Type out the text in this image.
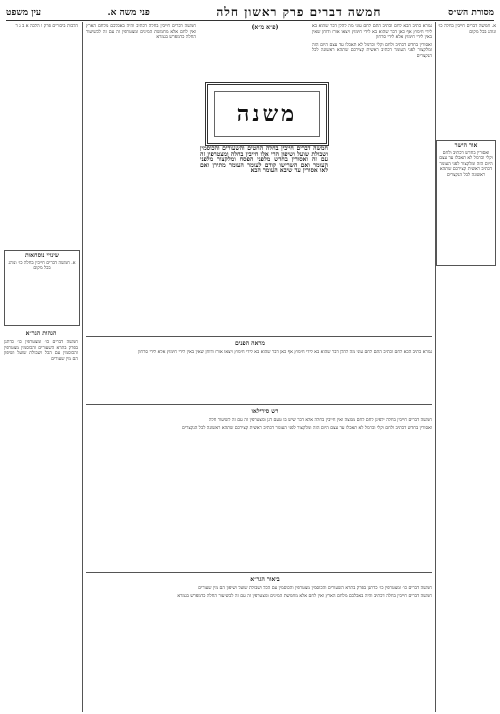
מסורת הש״ס
חמשה דברים פרק ראשון חלה
פני משה א.
עין משפט
משנה

א. חמשה דברים חייבין בחלה כו׳ ונוהג בכל מקום

אור הישר
ואסורין בחדש דכתיב ולחם וקלי וכרמל לא תאכלו עד עצם היום הזה ומלקצור לפני העומר דכתיב ראשית קצירכם שתהא ראשונה לכל הנקצרים

גמרא כתיב הכא לחם וכתיב התם לחם עוני מה להלן דבר שהוא בא לידי חימוץ אף כאן דבר שהוא בא לידי חימוץ ויצאו אורז ודוחן שאין באין לידי חימוץ אלא לידי סרחון

ואסורין בחדש דכתיב ולחם וקלי וכרמל לא תאכלו עד עצם היום הזה ומלקצור לפני העומר דכתיב ראשית קצירכם שתהא ראשונה לכל הנקצרים

(פ״א מ״א)

חמשה דברים חייבין בחלה החטים והשעורים והכוסמין ושבולת שועל ושיפון הרי אלו חייבין בחלה ומצטרפין זה עם זה ואסורין בחדש מלפני הפסח ומלקצור מלפני העומר ואם השרישו קודם לעומר העומר מתירן ואם לאו אסורין עד שיבא העומר הבא

חמשה דברים חייבין בחלה דכתיב והיה באכלכם מלחם הארץ ואין לחם אלא מחמשת המינים ומצטרפין זה עם זה לכשיעור החלה כדמפרש בגמרא

הלכות ביכורים פרק ו הלכה א ב ג ד

שינויי נוסחאות
א. חמשה דברים חייבין בחלה כו׳ ונוהג בכל מקום
הגהות הגר״א

חמשה דברים כו׳ ומצטרפין כו׳ כדתנן בפרק בתרא השעורים והכוסמין מצטרפין והכוסמין עם הכל ושבולת שועל ושיפון הם מין שעורים

מראה הפנים

גמרא כתיב הכא לחם וכתיב התם לחם עוני מה להלן דבר שהוא בא לידי חימוץ אף כאן דבר שהוא בא לידי חימוץ ויצאו אורז ודוחן שאין באין לידי חימוץ אלא לידי סרחון

רש סירילאו

חמשה דברים חייבין בחלה ילפינן לחם לחם ממצה ואין חייבין בחלה אלא דבר שיש בו טעם דגן ומצטרפין זה עם זה לשיעור חלה

ואסורין בחדש דכתיב ולחם וקלי וכרמל לא תאכלו עד עצם היום הזה ומלקצור לפני העומר דכתיב ראשית קצירכם שתהא ראשונה לכל הנקצרים

ביאור הגר״א

חמשה דברים כו׳ ומצטרפין כו׳ כדתנן בפרק בתרא השעורים והכוסמין מצטרפין והכוסמין עם הכל ושבולת שועל ושיפון הם מין שעורים

חמשה דברים חייבין בחלה דכתיב והיה באכלכם מלחם הארץ ואין לחם אלא מחמשת המינים ומצטרפין זה עם זה לכשיעור החלה כדמפרש בגמרא
